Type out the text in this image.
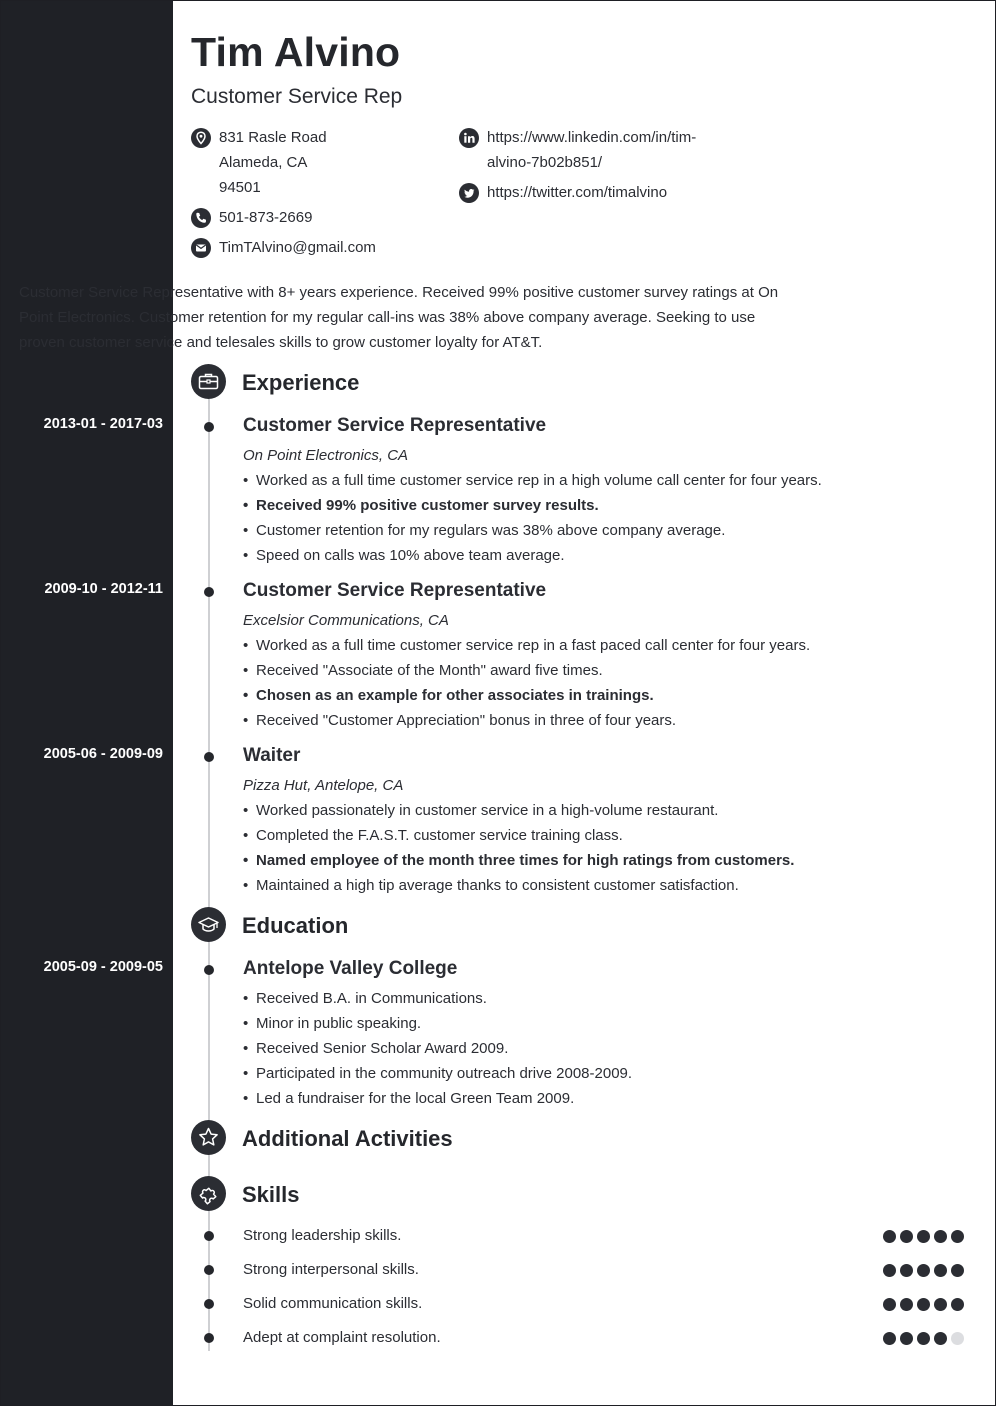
Tim Alvino
Customer Service Rep
831 Rasle Road
Alameda, CA
94501
501-873-2669
TimTAlvino@gmail.com
https://www.linkedin.com/in/tim-
alvino-7b02b851/
https://twitter.com/timalvino
Customer Service Representative with 8+ years experience. Received 99% positive customer survey ratings at On Point Electronics. Customer retention for my regular call-ins was 38% above company average. Seeking to use proven customer service and telesales skills to grow customer loyalty for AT&T.
Experience
2013-01 - 2017-03	Customer Service Representative
On Point Electronics, CA
• Worked as a full time customer service rep in a high volume call center for four years.
• Received 99% positive customer survey results.
• Customer retention for my regulars was 38% above company average.
• Speed on calls was 10% above team average.
2009-10 - 2012-11	Customer Service Representative
Excelsior Communications, CA
• Worked as a full time customer service rep in a fast paced call center for four years.
• Received "Associate of the Month" award five times.
• Chosen as an example for other associates in trainings.
• Received "Customer Appreciation" bonus in three of four years.
2005-06 - 2009-09	Waiter
Pizza Hut, Antelope, CA
• Worked passionately in customer service in a high-volume restaurant.
• Completed the F.A.S.T. customer service training class.
• Named employee of the month three times for high ratings from customers.
• Maintained a high tip average thanks to consistent customer satisfaction.
Education
2005-09 - 2009-05	Antelope Valley College
• Received B.A. in Communications.
• Minor in public speaking.
• Received Senior Scholar Award 2009.
• Participated in the community outreach drive 2008-2009.
• Led a fundraiser for the local Green Team 2009.
Additional Activities
Skills
Strong leadership skills.
Strong interpersonal skills.
Solid communication skills.
Adept at complaint resolution.
